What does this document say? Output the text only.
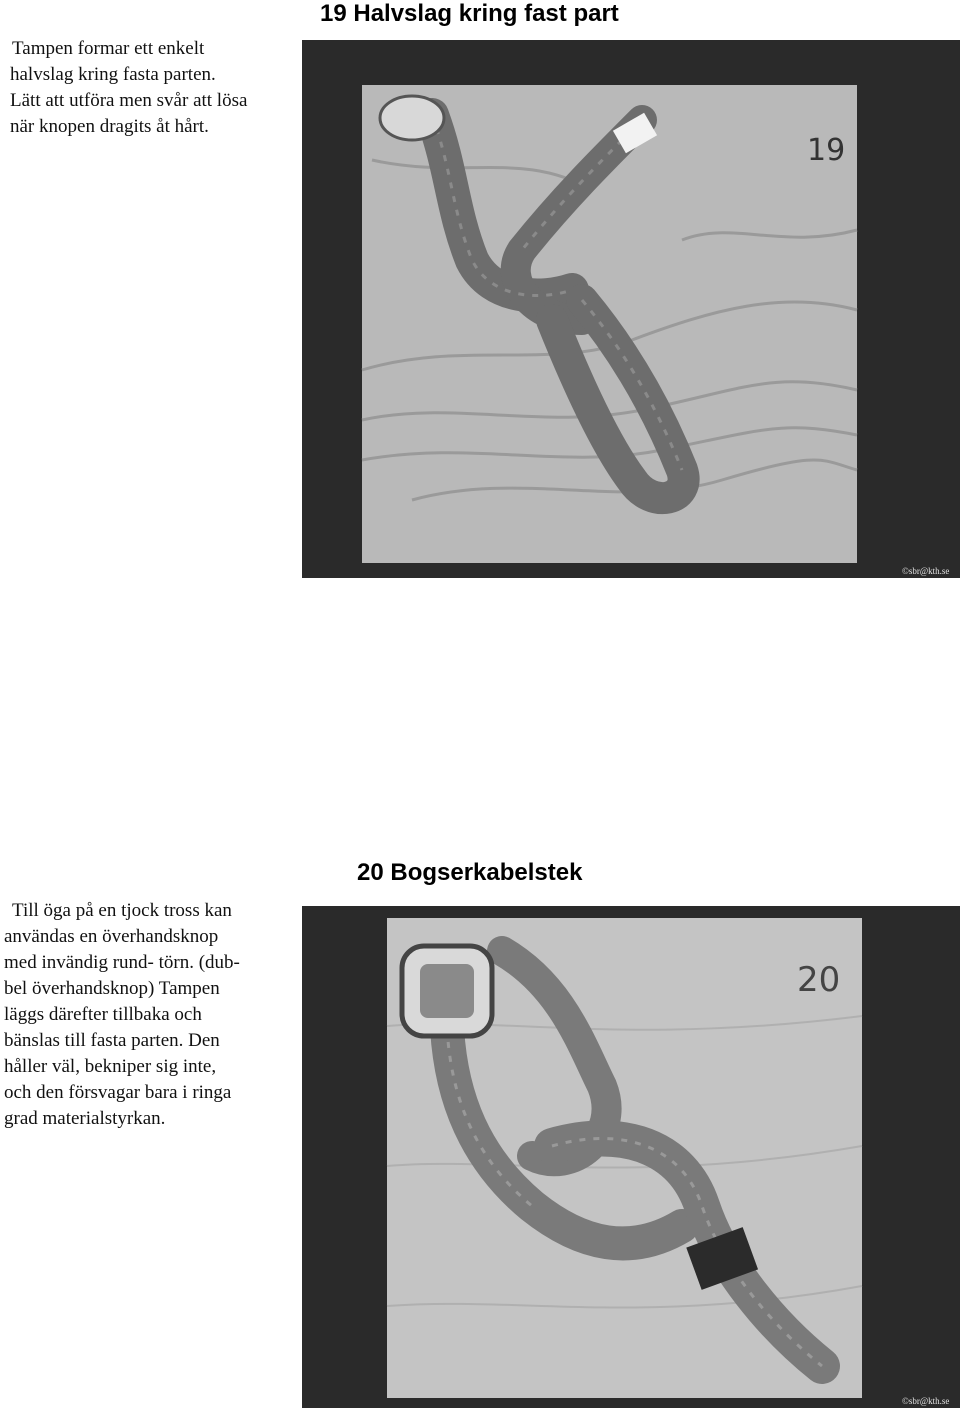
19 Halvslag kring fast part
Tampen formar ett enkelt
halvslag kring fasta parten.
Lätt att utföra men svår att lösa
när knopen dragits åt hårt.
19
©sbr@kth.se
20 Bogserkabelstek
Till öga på en tjock tross kan
användas en överhandsknop
med invändig rund- törn. (dub-
bel överhandsknop) Tampen
läggs därefter tillbaka och
bänslas till fasta parten. Den
håller väl, bekniper sig inte,
och den försvagar bara i ringa
grad materialstyrkan.
20
©sbr@kth.se
